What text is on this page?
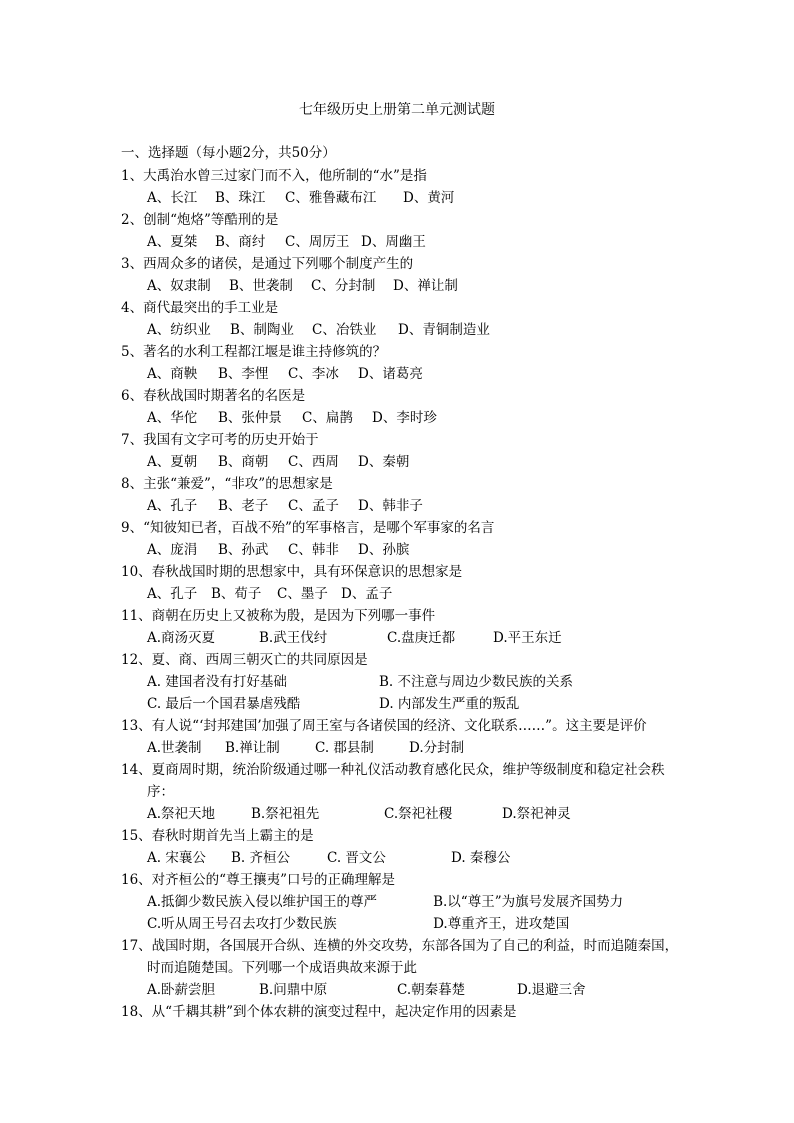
七年级历史上册第二单元测试题
一、选择题（每小题2分，共50分）
1、大禹治水曾三过家门而不入，他所制的“水”是指
A、长江	B、珠江	C、雅鲁藏布江	D、黄河
2、创制“炮烙”等酷刑的是
A、夏桀	B、商纣	C、周厉王 D、周幽王
3、西周众多的诸侯，是通过下列哪个制度产生的
A、奴隶制	B、世袭制	C、分封制	D、禅让制
4、商代最突出的手工业是
A、纺织业	B、制陶业	C、冶铁业	D、青铜制造业
5、著名的水利工程都江堰是谁主持修筑的？
A、商鞅	B、李悝	C、李冰	D、诸葛亮
6、春秋战国时期著名的名医是
A、华佗	B、张仲景	C、扁鹊	D、李时珍
7、我国有文字可考的历史开始于
A、夏朝	B、商朝	C、西周	D、秦朝
8、主张“兼爱”，“非攻”的思想家是
A、孔子	B、老子	C、孟子	D、韩非子
9、“知彼知已者，百战不殆”的军事格言，是哪个军事家的名言
A、庞涓	B、孙武	C、韩非	D、孙膑
10、春秋战国时期的思想家中，具有环保意识的思想家是
A、孔子	B、荀子	C、墨子 D、孟子
11、商朝在历史上又被称为殷，是因为下列哪一事件
A.商汤灭夏	B.武王伐纣	C.盘庚迁都	D.平王东迁
12、夏、商、西周三朝灭亡的共同原因是
A. 建国者没有打好基础	B. 不注意与周边少数民族的关系
C. 最后一个国君暴虐残酷	D. 内部发生严重的叛乱
13、有人说“‘封邦建国’加强了周王室与各诸侯国的经济、文化联系……”。这主要是评价
A.世袭制	B.禅让制	C. 郡县制	D.分封制
14、夏商周时期，统治阶级通过哪一种礼仪活动教育感化民众，维护等级制度和稳定社会秩序：
A.祭祀天地	B.祭祀祖先	C.祭祀社稷	D.祭祀神灵
15、春秋时期首先当上霸主的是
A. 宋襄公	B. 齐桓公	C. 晋文公	D. 秦穆公
16、对齐桓公的“尊王攘夷”口号的正确理解是
A.抵御少数民族入侵以维护国王的尊严	B.以“尊王”为旗号发展齐国势力
C.听从周王号召去攻打少数民族	D.尊重齐王，进攻楚国
17、战国时期，各国展开合纵、连横的外交攻势，东部各国为了自己的利益，时而追随秦国，时而追随楚国。下列哪一个成语典故来源于此
A.卧薪尝胆	B.问鼎中原	C.朝秦暮楚	D.退避三舍
18、从“千耦其耕”到个体农耕的演变过程中，起决定作用的因素是
